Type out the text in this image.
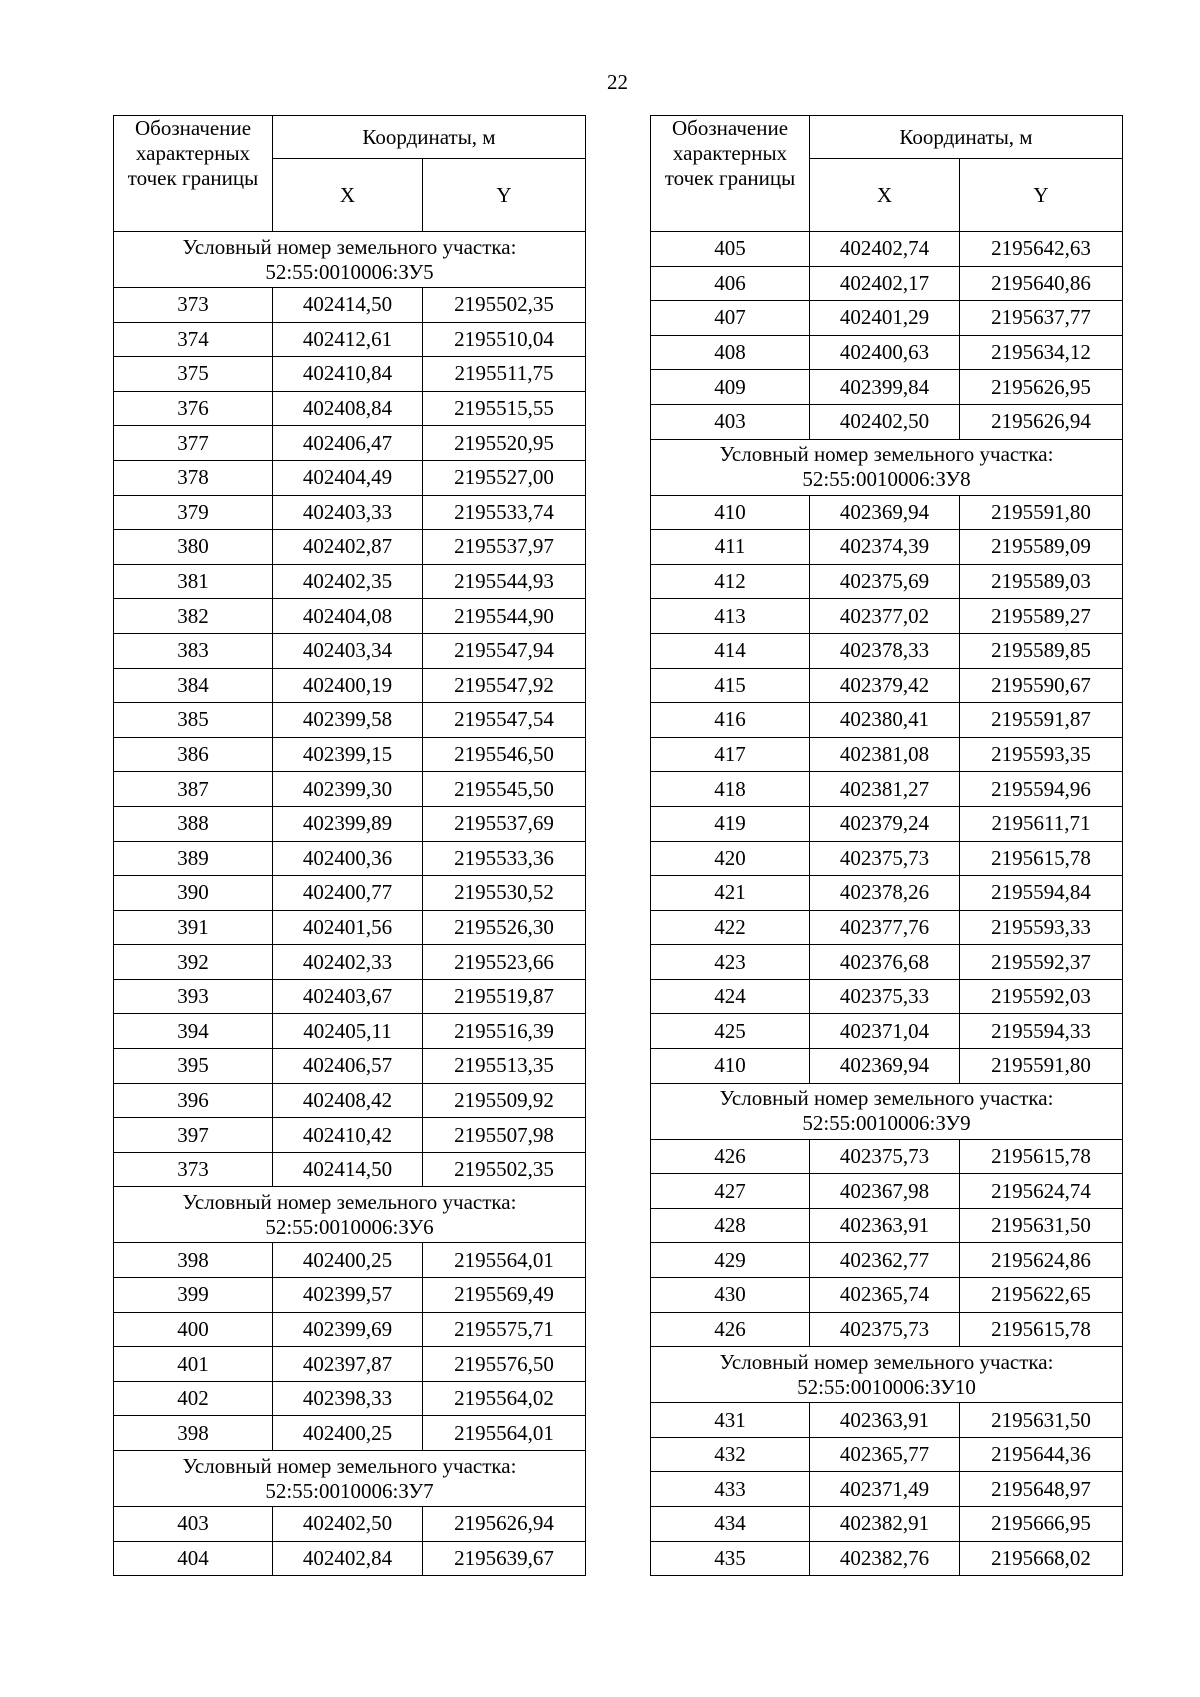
22
Обозначение характерных точек границы	Координаты, м	
	X	Y
Условный номер земельного участка: 52:55:0010006:ЗУ5		
373	402414,50	2195502,35
374	402412,61	2195510,04
375	402410,84	2195511,75
376	402408,84	2195515,55
377	402406,47	2195520,95
378	402404,49	2195527,00
379	402403,33	2195533,74
380	402402,87	2195537,97
381	402402,35	2195544,93
382	402404,08	2195544,90
383	402403,34	2195547,94
384	402400,19	2195547,92
385	402399,58	2195547,54
386	402399,15	2195546,50
387	402399,30	2195545,50
388	402399,89	2195537,69
389	402400,36	2195533,36
390	402400,77	2195530,52
391	402401,56	2195526,30
392	402402,33	2195523,66
393	402403,67	2195519,87
394	402405,11	2195516,39
395	402406,57	2195513,35
396	402408,42	2195509,92
397	402410,42	2195507,98
373	402414,50	2195502,35
Условный номер земельного участка: 52:55:0010006:ЗУ6		
398	402400,25	2195564,01
399	402399,57	2195569,49
400	402399,69	2195575,71
401	402397,87	2195576,50
402	402398,33	2195564,02
398	402400,25	2195564,01
Условный номер земельного участка: 52:55:0010006:ЗУ7		
403	402402,50	2195626,94
404	402402,84	2195639,67
Обозначение характерных точек границы	Координаты, м	
	X	Y
405	402402,74	2195642,63
406	402402,17	2195640,86
407	402401,29	2195637,77
408	402400,63	2195634,12
409	402399,84	2195626,95
403	402402,50	2195626,94
Условный номер земельного участка: 52:55:0010006:ЗУ8		
410	402369,94	2195591,80
411	402374,39	2195589,09
412	402375,69	2195589,03
413	402377,02	2195589,27
414	402378,33	2195589,85
415	402379,42	2195590,67
416	402380,41	2195591,87
417	402381,08	2195593,35
418	402381,27	2195594,96
419	402379,24	2195611,71
420	402375,73	2195615,78
421	402378,26	2195594,84
422	402377,76	2195593,33
423	402376,68	2195592,37
424	402375,33	2195592,03
425	402371,04	2195594,33
410	402369,94	2195591,80
Условный номер земельного участка: 52:55:0010006:ЗУ9		
426	402375,73	2195615,78
427	402367,98	2195624,74
428	402363,91	2195631,50
429	402362,77	2195624,86
430	402365,74	2195622,65
426	402375,73	2195615,78
Условный номер земельного участка: 52:55:0010006:ЗУ10		
431	402363,91	2195631,50
432	402365,77	2195644,36
433	402371,49	2195648,97
434	402382,91	2195666,95
435	402382,76	2195668,02
